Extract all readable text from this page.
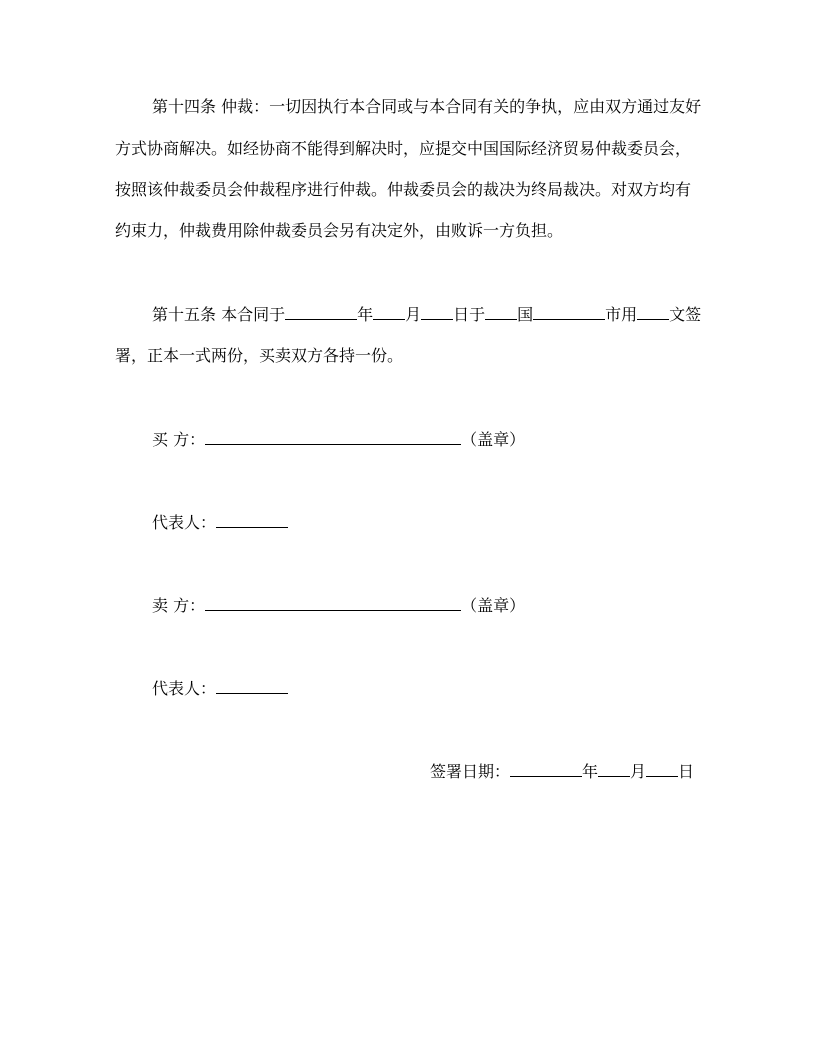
第十四条 仲裁：一切因执行本合同或与本合同有关的争执，应由双方通过友好
方式协商解决。如经协商不能得到解决时，应提交中国国际经济贸易仲裁委员会，
按照该仲裁委员会仲裁程序进行仲裁。仲裁委员会的裁决为终局裁决。对双方均有
约束力，仲裁费用除仲裁委员会另有决定外，由败诉一方负担。
第十五条 本合同于	年 月 日于 国	市用 文签
署，正本一式两份，买卖双方各持一份。
买 方：	（盖章）
代表人：
卖 方：	（盖章）
代表人：
签署日期：	年 月 日
